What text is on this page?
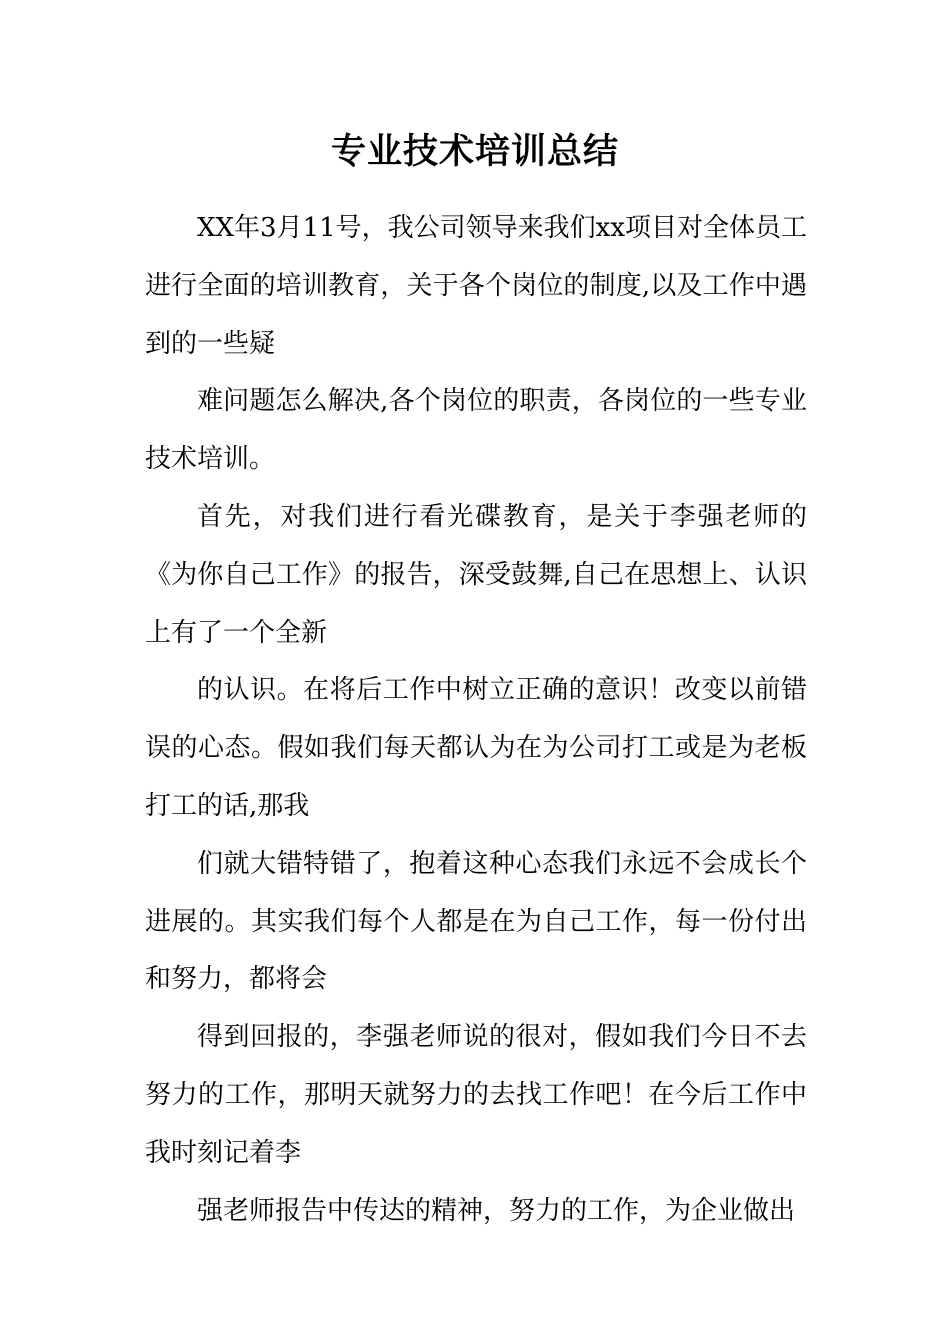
专业技术培训总结

XX年3月11号，我公司领导来我们xx项目对全体员工进行全面的培训教育，关于各个岗位的制度,以及工作中遇到的一些疑

难问题怎么解决,各个岗位的职责，各岗位的一些专业技术培训。

首先，对我们进行看光碟教育，是关于李强老师的《为你自己工作》的报告，深受鼓舞,自己在思想上、认识上有了一个全新

的认识。在将后工作中树立正确的意识！改变以前错误的心态。假如我们每天都认为在为公司打工或是为老板打工的话,那我

们就大错特错了，抱着这种心态我们永远不会成长个进展的。其实我们每个人都是在为自己工作，每一份付出和努力，都将会

得到回报的，李强老师说的很对，假如我们今日不去努力的工作，那明天就努力的去找工作吧！在今后工作中我时刻记着李

强老师报告中传达的精神，努力的工作，为企业做出
